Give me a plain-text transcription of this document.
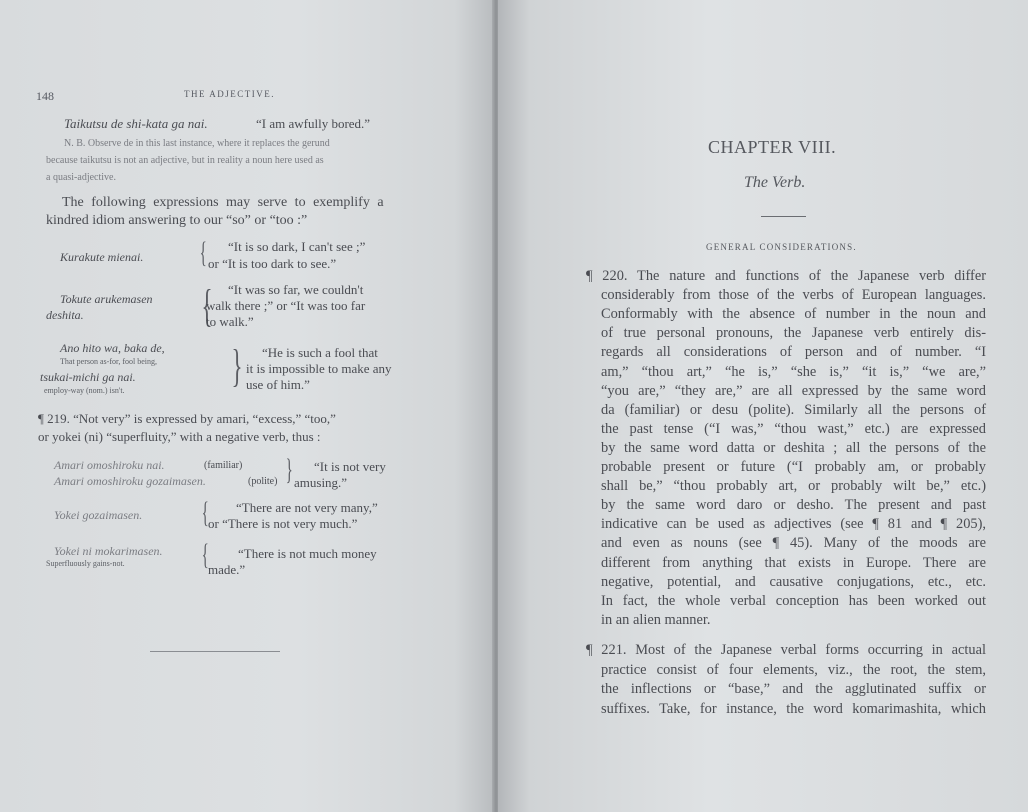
148	THE ADJECTIVE.
Taikutsu de shi-kata ga nai.	“I am awfully bored.”
N. B. Observe de in this last instance, where it replaces the gerund
because taikutsu is not an adjective, but in reality a noun here used as
a quasi-adjective.
The following expressions may serve to exemplify a
kindred idiom answering to our “so” or “too :”
Kurakute mienai. { “It is so dark, I can't see ;”
or “It is too dark to see.”
Tokute arukemasen
deshita.	{ “It was so far, we couldn't
walk there ;” or “It was too far
to walk.”
Ano hito wa, baka de,
That person as-for, fool being,
tsukai-michi ga nai.
employ-way (nom.) isn't. } “He is such a fool that
it is impossible to make any
use of him.”
¶ 219. “Not very” is expressed by amari, “excess,” “too,”
or yokei (ni) “superfluity,” with a negative verb, thus :
Amari omoshiroku nai.
Amari omoshiroku gozaimasen.
(familiar)
(polite) } “It is not very
amusing.”
Yokei gozaimasen. { “There are not very many,”
or “There is not very much.”
Yokei ni mokarimasen.
Superfluously gains-not.	{ “There is not much money
made.”
CHAPTER VIII.
The Verb.
GENERAL CONSIDERATIONS.
¶ 220. The nature and functions of the Japanese verb differ
considerably from those of the verbs of European languages.
Conformably with the absence of number in the noun and
of true personal pronouns, the Japanese verb entirely dis-
regards all considerations of person and of number. “I
am,” “thou art,” “he is,” “she is,” “it is,” “we are,”
“you are,” “they are,” are all expressed by the same word
da (familiar) or desu (polite). Similarly all the persons of
the past tense (“I was,” “thou wast,” etc.) are expressed
by the same word datta or deshita ; all the persons of the
probable present or future (“I probably am, or probably
shall be,” “thou probably art, or probably wilt be,” etc.)
by the same word daro or desho. The present and past
indicative can be used as adjectives (see ¶ 81 and ¶ 205),
and even as nouns (see ¶ 45). Many of the moods are
different from anything that exists in Europe. There are
negative, potential, and causative conjugations, etc., etc.
In fact, the whole verbal conception has been worked out
in an alien manner.
¶ 221. Most of the Japanese verbal forms occurring in actual
practice consist of four elements, viz., the root, the stem,
the inflections or “base,” and the agglutinated suffix or
suffixes. Take, for instance, the word komarimashita, which
